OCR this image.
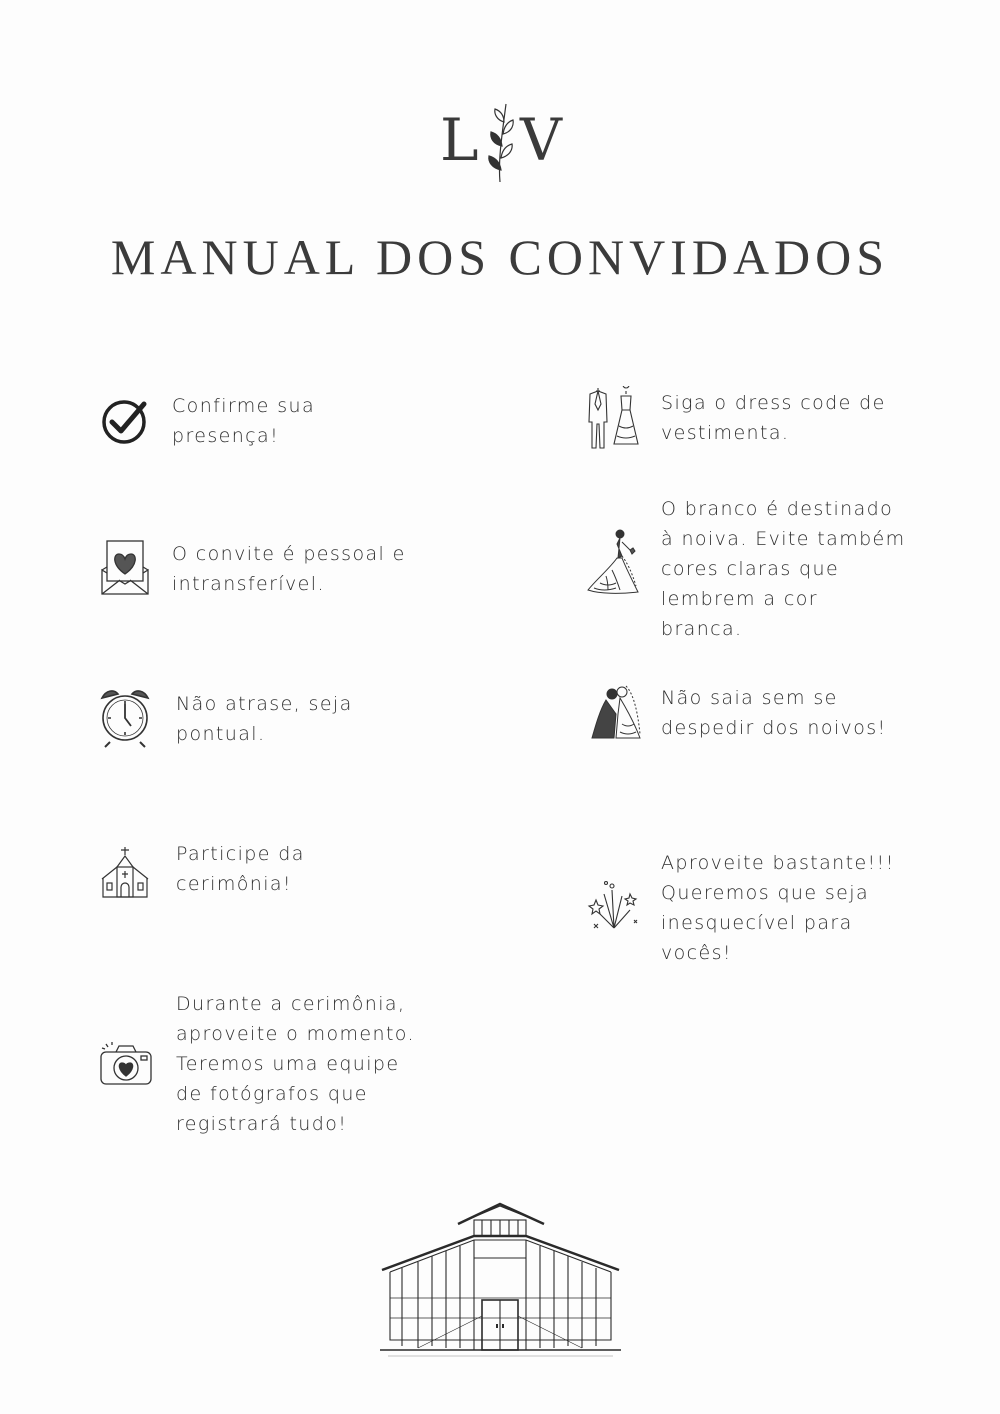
L V
MANUAL DOS CONVIDADOS
Confirme sua
presença!
O convite é pessoal e
intransferível.
Não atrase, seja
pontual.
Participe da
cerimônia!
Durante a cerimônia,
aproveite o momento.
Teremos uma equipe
de fotógrafos que
registrará tudo!
Siga o dress code de
vestimenta.
O branco é destinado
à noiva. Evite também
cores claras que
lembrem a cor
branca.
Não saia sem se
despedir dos noivos!
Aproveite bastante!!!
Queremos que seja
inesquecível para
vocês!
